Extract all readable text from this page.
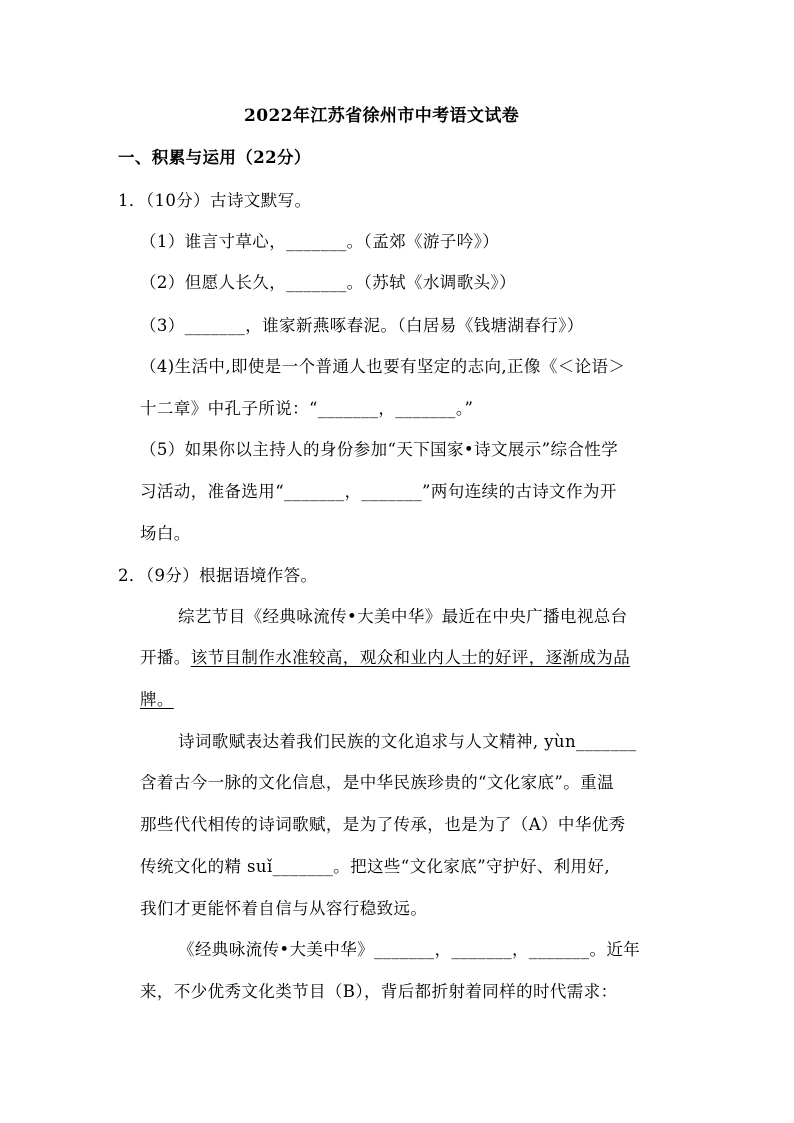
2022年江苏省徐州市中考语文试卷
一、积累与运用（22分）
1．（10分）古诗文默写。
（1）谁言寸草心，_______。（孟郊《游子吟》）
（2）但愿人长久，_______。（苏轼《水调歌头》）
（3）_______，谁家新燕啄春泥。（白居易《钱塘湖春行》）
（4)生活中,即使是一个普通人也要有坚定的志向,正像《＜论语＞
十二章》中孔子所说：“_______，_______。”
（5）如果你以主持人的身份参加“天下国家•诗文展示”综合性学
习活动，准备选用“_______，_______”两句连续的古诗文作为开
场白。
2．（9分）根据语境作答。
综艺节目《经典咏流传•大美中华》最近在中央广播电视总台
开播。该节目制作水准较高，观众和业内人士的好评，逐渐成为品
牌。
诗词歌赋表达着我们民族的文化追求与人文精神, yùn_______
含着古今一脉的文化信息，是中华民族珍贵的“文化家底”。重温
那些代代相传的诗词歌赋，是为了传承，也是为了（A）中华优秀
传统文化的精 suǐ_______。把这些“文化家底”守护好、利用好,
我们才更能怀着自信与从容行稳致远。
《经典咏流传•大美中华》_______，_______，_______。近年
来，不少优秀文化类节目（B），背后都折射着同样的时代需求：
